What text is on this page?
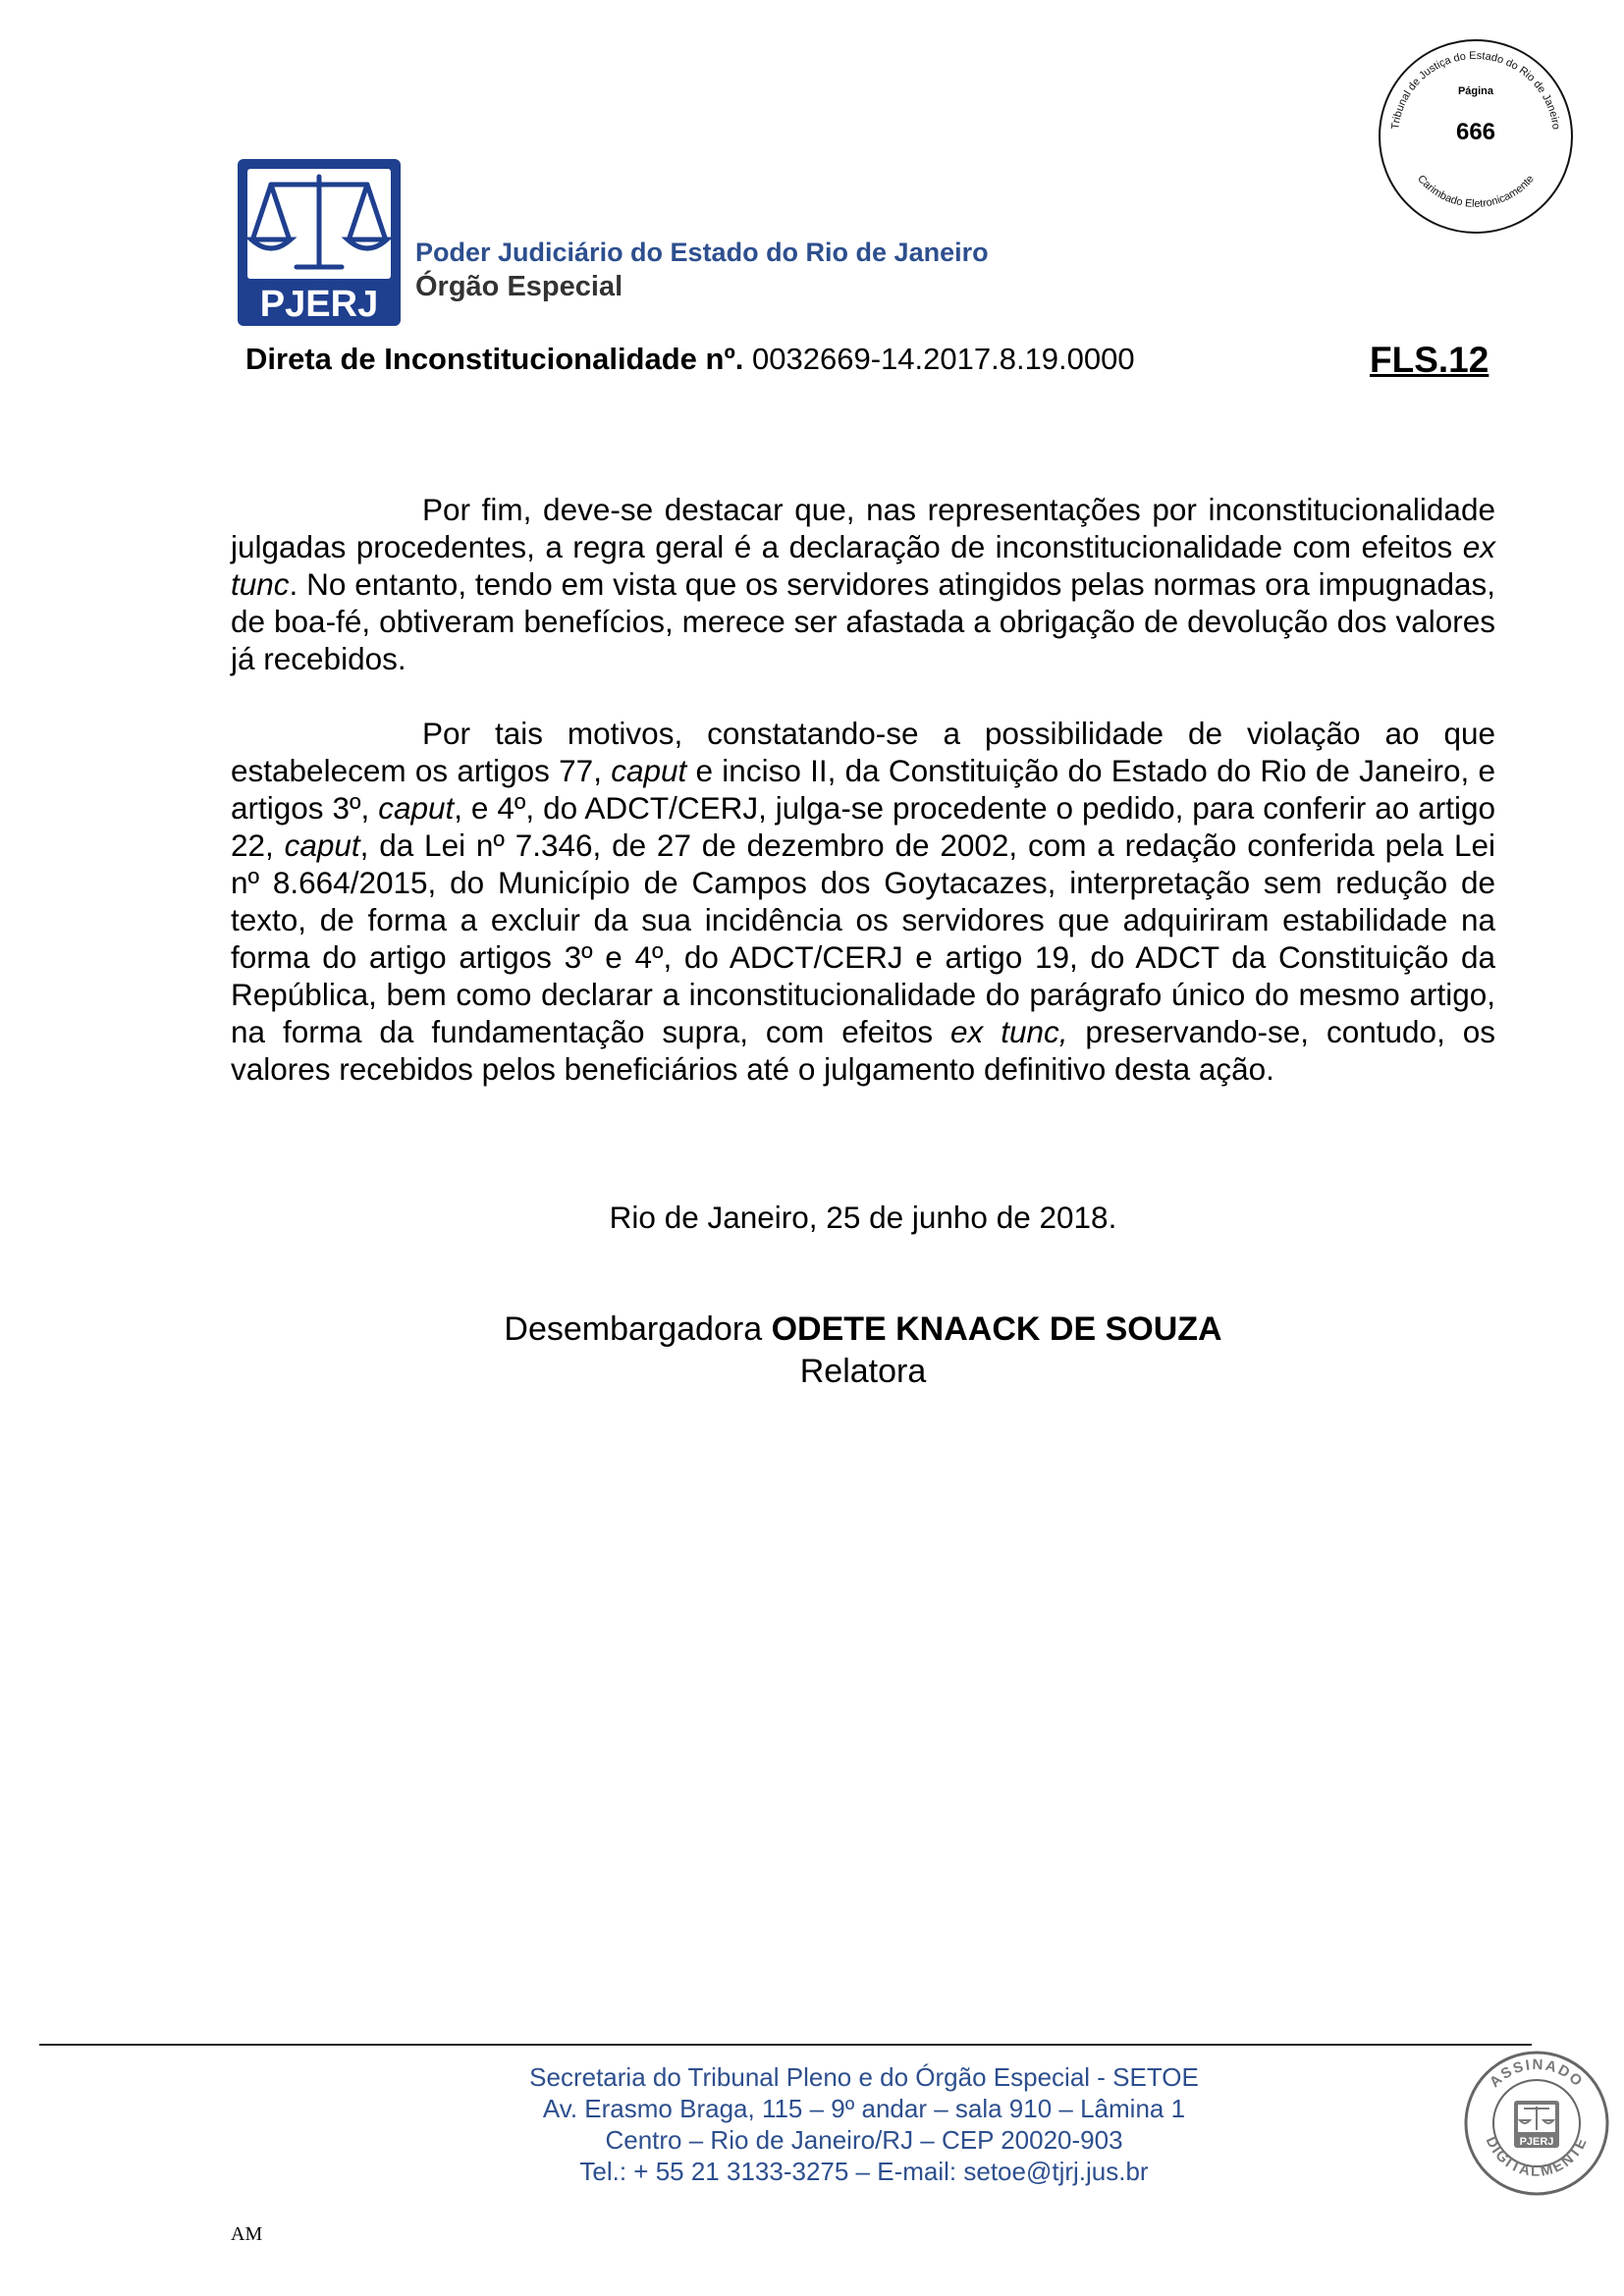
PJERJ
Poder Judiciário do Estado do Rio de Janeiro
Órgão Especial
Tribunal de Justiça do Estado do Rio de Janeiro
Carimbado Eletronicamente
Página
666
Direta de Inconstitucionalidade nº. 0032669-14.2017.8.19.0000	FLS.12
Por fim, deve-se destacar que, nas representações por inconstitucionalidade julgadas procedentes, a regra geral é a declaração de inconstitucionalidade com efeitos ex tunc. No entanto, tendo em vista que os servidores atingidos pelas normas ora impugnadas, de boa-fé, obtiveram benefícios, merece ser afastada a obrigação de devolução dos valores já recebidos.
Por tais motivos, constatando-se a possibilidade de violação ao que estabelecem os artigos 77, caput e inciso II, da Constituição do Estado do Rio de Janeiro, e artigos 3º, caput, e 4º, do ADCT/CERJ, julga-se procedente o pedido, para conferir ao artigo 22, caput, da Lei nº 7.346, de 27 de dezembro de 2002, com a redação conferida pela Lei nº 8.664/2015, do Município de Campos dos Goytacazes, interpretação sem redução de texto, de forma a excluir da sua incidência os servidores que adquiriram estabilidade na forma do artigo artigos 3º e 4º, do ADCT/CERJ e artigo 19, do ADCT da Constituição da República, bem como declarar a inconstitucionalidade do parágrafo único do mesmo artigo, na forma da fundamentação supra, com efeitos ex tunc, preservando-se, contudo, os valores recebidos pelos beneficiários até o julgamento definitivo desta ação.
Rio de Janeiro, 25 de junho de 2018.
Desembargadora ODETE KNAACK DE SOUZA
Relatora
Secretaria do Tribunal Pleno e do Órgão Especial - SETOE
Av. Erasmo Braga, 115 – 9º andar – sala 910 – Lâmina 1
Centro – Rio de Janeiro/RJ – CEP 20020-903
Tel.: + 55 21 3133-3275 – E-mail: setoe@tjrj.jus.br
ASSINADO
DIGITALMENTE
PJERJ
AM
